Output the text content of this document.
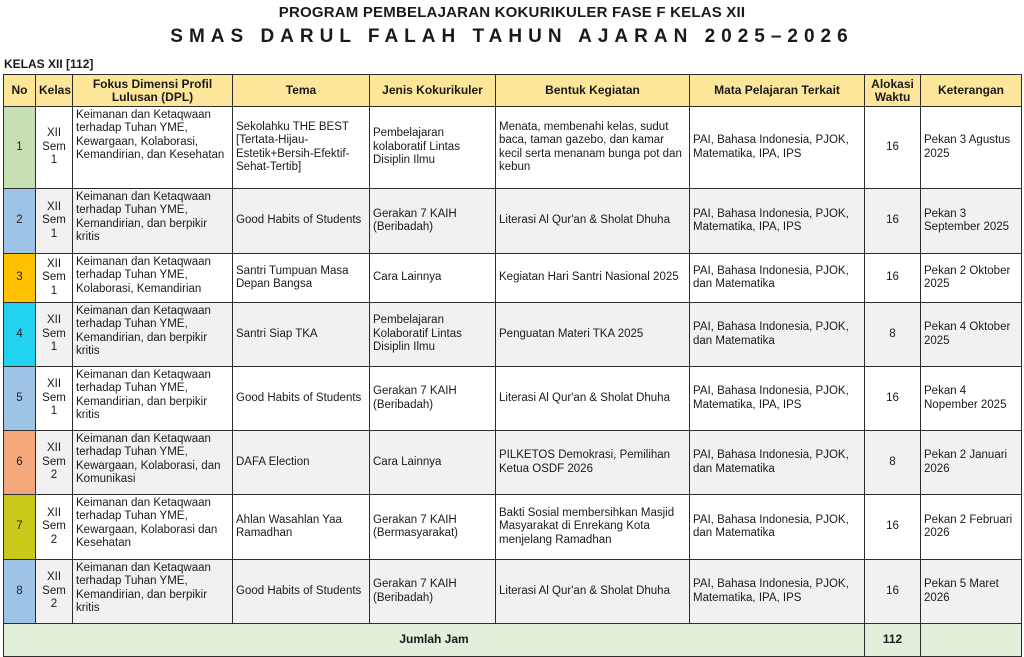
PROGRAM PEMBELAJARAN KOKURIKULER FASE F KELAS XII
SMAS DARUL FALAH TAHUN AJARAN 2025–2026
KELAS XII [112]
No	Kelas	Fokus Dimensi Profil Lulusan (DPL)	Tema	Jenis Kokurikuler	Bentuk Kegiatan	Mata Pelajaran Terkait	Alokasi Waktu	Keterangan
1	XII Sem 1	Keimanan dan Ketaqwaan terhadap Tuhan YME, Kewargaan, Kolaborasi, Kemandirian, dan Kesehatan	Sekolahku THE BEST [Tertata-Hijau-Estetik+Bersih-Efektif-Sehat-Tertib]	Pembelajaran kolaboratif Lintas Disiplin Ilmu	Menata, membenahi kelas, sudut baca, taman gazebo, dan kamar kecil serta menanam bunga pot dan kebun	PAI, Bahasa Indonesia, PJOK, Matematika, IPA, IPS	16	Pekan 3 Agustus 2025
2	XII Sem 1	Keimanan dan Ketaqwaan terhadap Tuhan YME, Kemandirian, dan berpikir kritis	Good Habits of Students	Gerakan 7 KAIH (Beribadah)	Literasi Al Qur'an & Sholat Dhuha	PAI, Bahasa Indonesia, PJOK, Matematika, IPA, IPS	16	Pekan 3 September 2025
3	XII Sem 1	Keimanan dan Ketaqwaan terhadap Tuhan YME, Kolaborasi, Kemandirian	Santri Tumpuan Masa Depan Bangsa	Cara Lainnya	Kegiatan Hari Santri Nasional 2025	PAI, Bahasa Indonesia, PJOK, dan Matematika	16	Pekan 2 Oktober 2025
4	XII Sem 1	Keimanan dan Ketaqwaan terhadap Tuhan YME, Kemandirian, dan berpikir kritis	Santri Siap TKA	Pembelajaran Kolaboratif Lintas Disiplin Ilmu	Penguatan Materi TKA 2025	PAI, Bahasa Indonesia, PJOK, dan Matematika	8	Pekan 4 Oktober 2025
5	XII Sem 1	Keimanan dan Ketaqwaan terhadap Tuhan YME, Kemandirian, dan berpikir kritis	Good Habits of Students	Gerakan 7 KAIH (Beribadah)	Literasi Al Qur'an & Sholat Dhuha	PAI, Bahasa Indonesia, PJOK, Matematika, IPA, IPS	16	Pekan 4 Nopember 2025
6	XII Sem 2	Keimanan dan Ketaqwaan terhadap Tuhan YME, Kewargaan, Kolaborasi, dan Komunikasi	DAFA Election	Cara Lainnya	PILKETOS Demokrasi, Pemilihan Ketua OSDF 2026	PAI, Bahasa Indonesia, PJOK, dan Matematika	8	Pekan 2 Januari 2026
7	XII Sem 2	Keimanan dan Ketaqwaan terhadap Tuhan YME, Kewargaan, Kolaborasi dan Kesehatan	Ahlan Wasahlan Yaa Ramadhan	Gerakan 7 KAIH (Bermasyarakat)	Bakti Sosial membersihkan Masjid Masyarakat di Enrekang Kota menjelang Ramadhan	PAI, Bahasa Indonesia, PJOK, dan Matematika	16	Pekan 2 Februari 2026
8	XII Sem 2	Keimanan dan Ketaqwaan terhadap Tuhan YME, Kemandirian, dan berpikir kritis	Good Habits of Students	Gerakan 7 KAIH (Beribadah)	Literasi Al Qur'an & Sholat Dhuha	PAI, Bahasa Indonesia, PJOK, Matematika, IPA, IPS	16	Pekan 5 Maret 2026
Jumlah Jam							112	
